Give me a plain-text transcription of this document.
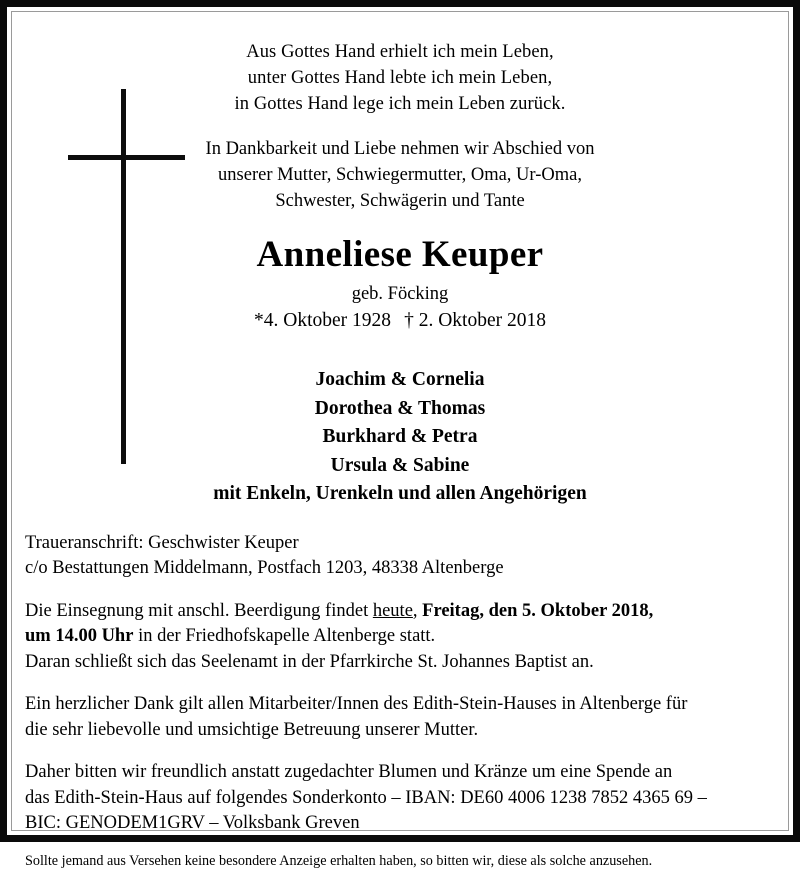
Aus Gottes Hand erhielt ich mein Leben,
unter Gottes Hand lebte ich mein Leben,
in Gottes Hand lege ich mein Leben zurück.
In Dankbarkeit und Liebe nehmen wir Abschied von
unserer Mutter, Schwiegermutter, Oma, Ur-Oma,
Schwester, Schwägerin und Tante
Anneliese Keuper
geb. Föcking
*4. Oktober 1928 † 2. Oktober 2018
Joachim & Cornelia
Dorothea & Thomas
Burkhard & Petra
Ursula & Sabine
mit Enkeln, Urenkeln und allen Angehörigen

Traueranschrift: Geschwister Keuper

c/o Bestattungen Middelmann, Postfach 1203, 48338 Altenberge

Die Einsegnung mit anschl. Beerdigung findet heute, Freitag, den 5. Oktober 2018,

um 14.00 Uhr in der Friedhofskapelle Altenberge statt.

Daran schließt sich das Seelenamt in der Pfarrkirche St. Johannes Baptist an.

Ein herzlicher Dank gilt allen Mitarbeiter/Innen des Edith-Stein-Hauses in Altenberge für

die sehr liebevolle und umsichtige Betreuung unserer Mutter.

Daher bitten wir freundlich anstatt zugedachter Blumen und Kränze um eine Spende an

das Edith-Stein-Haus auf folgendes Sonderkonto – IBAN: DE60 4006 1238 7852 4365 69 –

BIC: GENODEM1GRV – Volksbank Greven

Sollte jemand aus Versehen keine besondere Anzeige erhalten haben, so bitten wir, diese als solche anzusehen.
